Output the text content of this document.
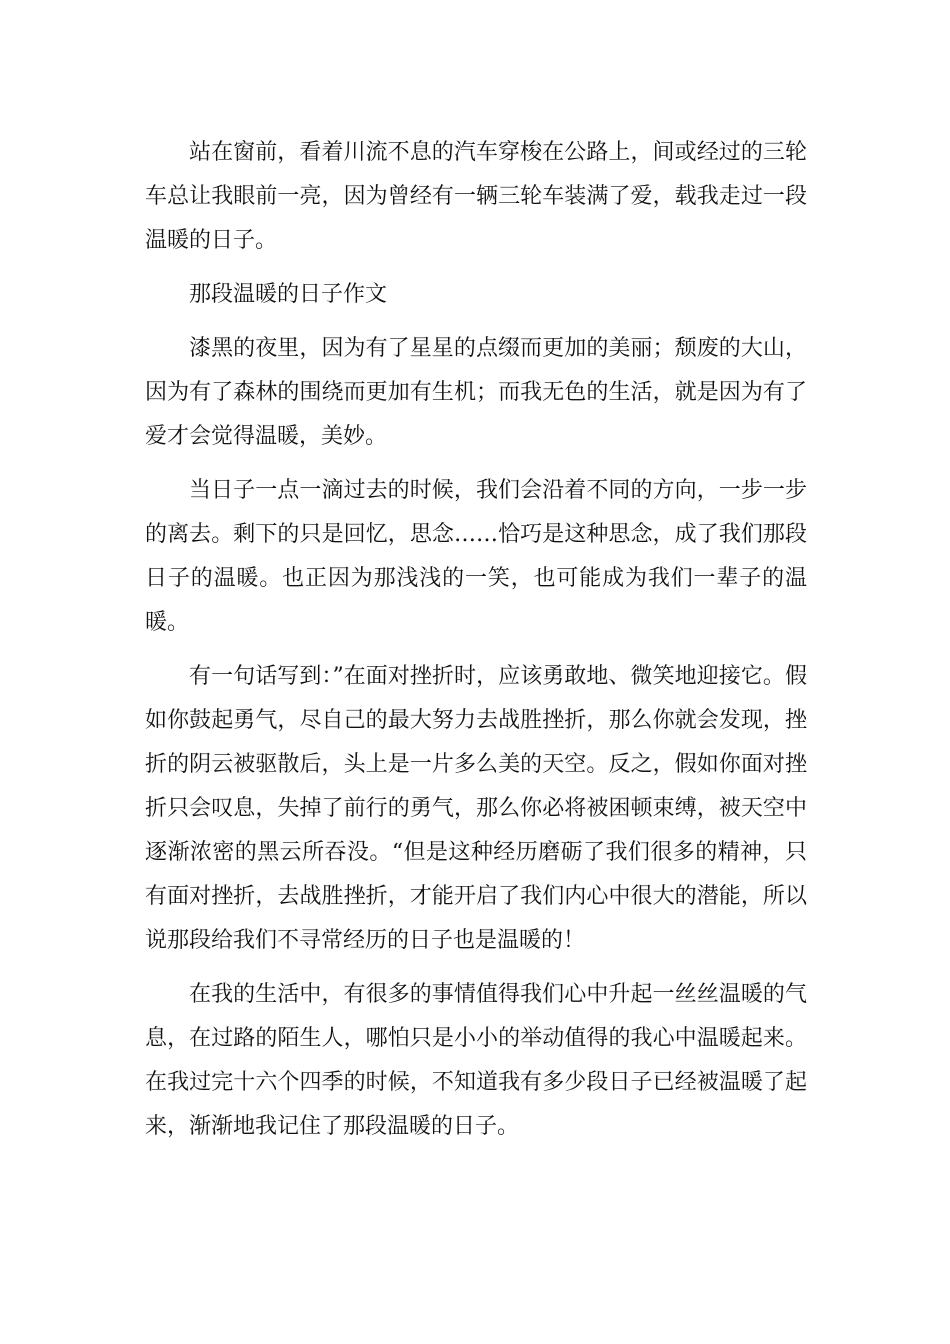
站在窗前，看着川流不息的汽车穿梭在公路上，间或经过的三轮车总让我眼前一亮，因为曾经有一辆三轮车装满了爱，载我走过一段温暖的日子。

那段温暖的日子作文

漆黑的夜里，因为有了星星的点缀而更加的美丽；颓废的大山，因为有了森林的围绕而更加有生机；而我无色的生活，就是因为有了爱才会觉得温暖，美妙。

当日子一点一滴过去的时候，我们会沿着不同的方向，一步一步的离去。剩下的只是回忆，思念……恰巧是这种思念，成了我们那段日子的温暖。也正因为那浅浅的一笑，也可能成为我们一辈子的温暖。

有一句话写到：”在面对挫折时，应该勇敢地、微笑地迎接它。假如你鼓起勇气，尽自己的最大努力去战胜挫折，那么你就会发现，挫折的阴云被驱散后，头上是一片多么美的天空。反之，假如你面对挫折只会叹息，失掉了前行的勇气，那么你必将被困顿束缚，被天空中逐渐浓密的黑云所吞没。“但是这种经历磨砺了我们很多的精神，只有面对挫折，去战胜挫折，才能开启了我们内心中很大的潜能，所以说那段给我们不寻常经历的日子也是温暖的！

在我的生活中，有很多的事情值得我们心中升起一丝丝温暖的气息，在过路的陌生人，哪怕只是小小的举动值得的我心中温暖起来。在我过完十六个四季的时候，不知道我有多少段日子已经被温暖了起来，渐渐地我记住了那段温暖的日子。
